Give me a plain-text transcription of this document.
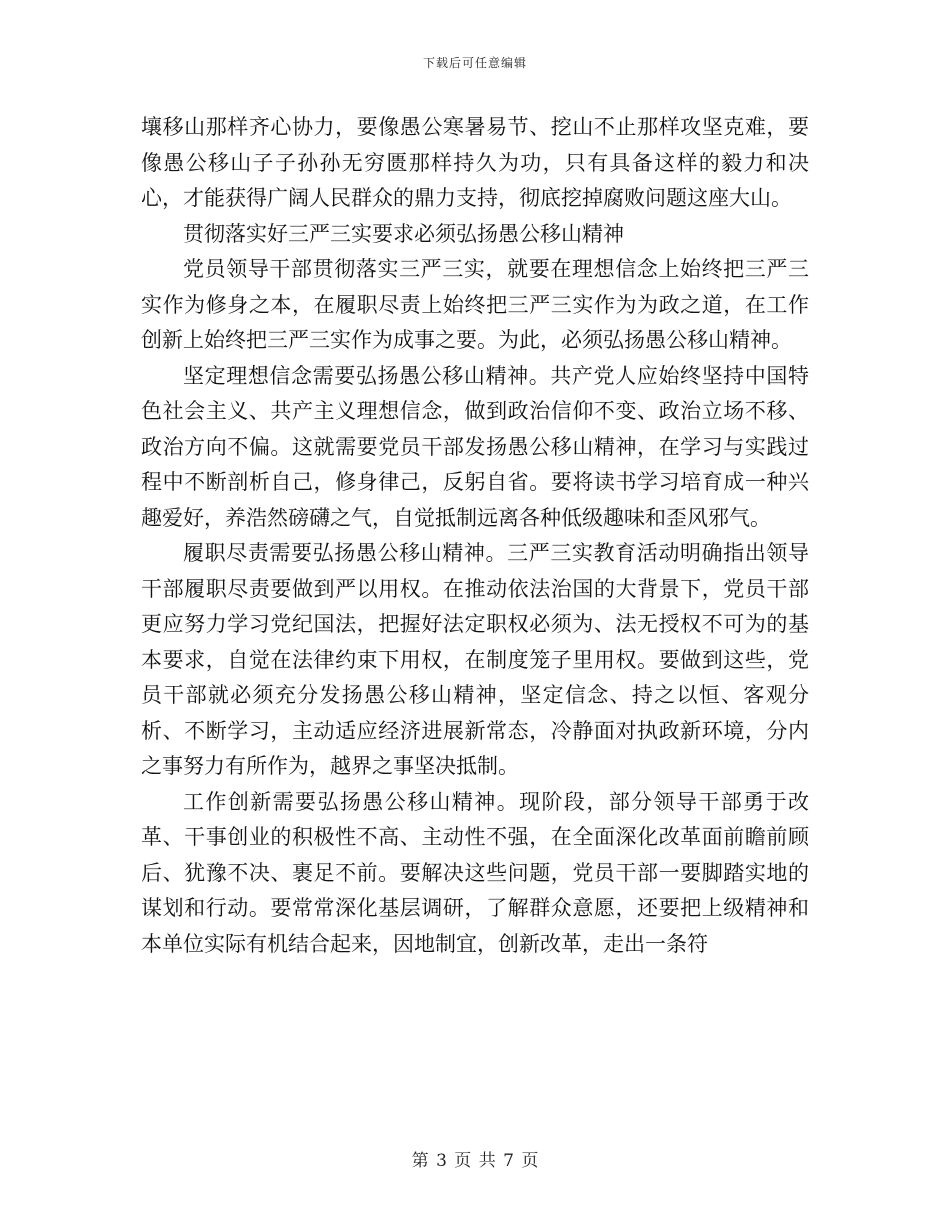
下载后可任意编辑

壤移山那样齐心协力，要像愚公寒暑易节、挖山不止那样攻坚克难，要像愚公移山子子孙孙无穷匮那样持久为功，只有具备这样的毅力和决心，才能获得广阔人民群众的鼎力支持，彻底挖掉腐败问题这座大山。

贯彻落实好三严三实要求必须弘扬愚公移山精神

党员领导干部贯彻落实三严三实，就要在理想信念上始终把三严三实作为修身之本，在履职尽责上始终把三严三实作为为政之道，在工作创新上始终把三严三实作为成事之要。为此，必须弘扬愚公移山精神。

坚定理想信念需要弘扬愚公移山精神。共产党人应始终坚持中国特色社会主义、共产主义理想信念，做到政治信仰不变、政治立场不移、政治方向不偏。这就需要党员干部发扬愚公移山精神，在学习与实践过程中不断剖析自己，修身律己，反躬自省。要将读书学习培育成一种兴趣爱好，养浩然磅礴之气，自觉抵制远离各种低级趣味和歪风邪气。

履职尽责需要弘扬愚公移山精神。三严三实教育活动明确指出领导干部履职尽责要做到严以用权。在推动依法治国的大背景下，党员干部更应努力学习党纪国法，把握好法定职权必须为、法无授权不可为的基本要求，自觉在法律约束下用权，在制度笼子里用权。要做到这些，党员干部就必须充分发扬愚公移山精神，坚定信念、持之以恒、客观分析、不断学习，主动适应经济进展新常态，冷静面对执政新环境，分内之事努力有所作为，越界之事坚决抵制。

工作创新需要弘扬愚公移山精神。现阶段，部分领导干部勇于改革、干事创业的积极性不高、主动性不强，在全面深化改革面前瞻前顾后、犹豫不决、裹足不前。要解决这些问题，党员干部一要脚踏实地的谋划和行动。要常常深化基层调研，了解群众意愿，还要把上级精神和本单位实际有机结合起来，因地制宜，创新改革，走出一条符

第 3 页 共 7 页
